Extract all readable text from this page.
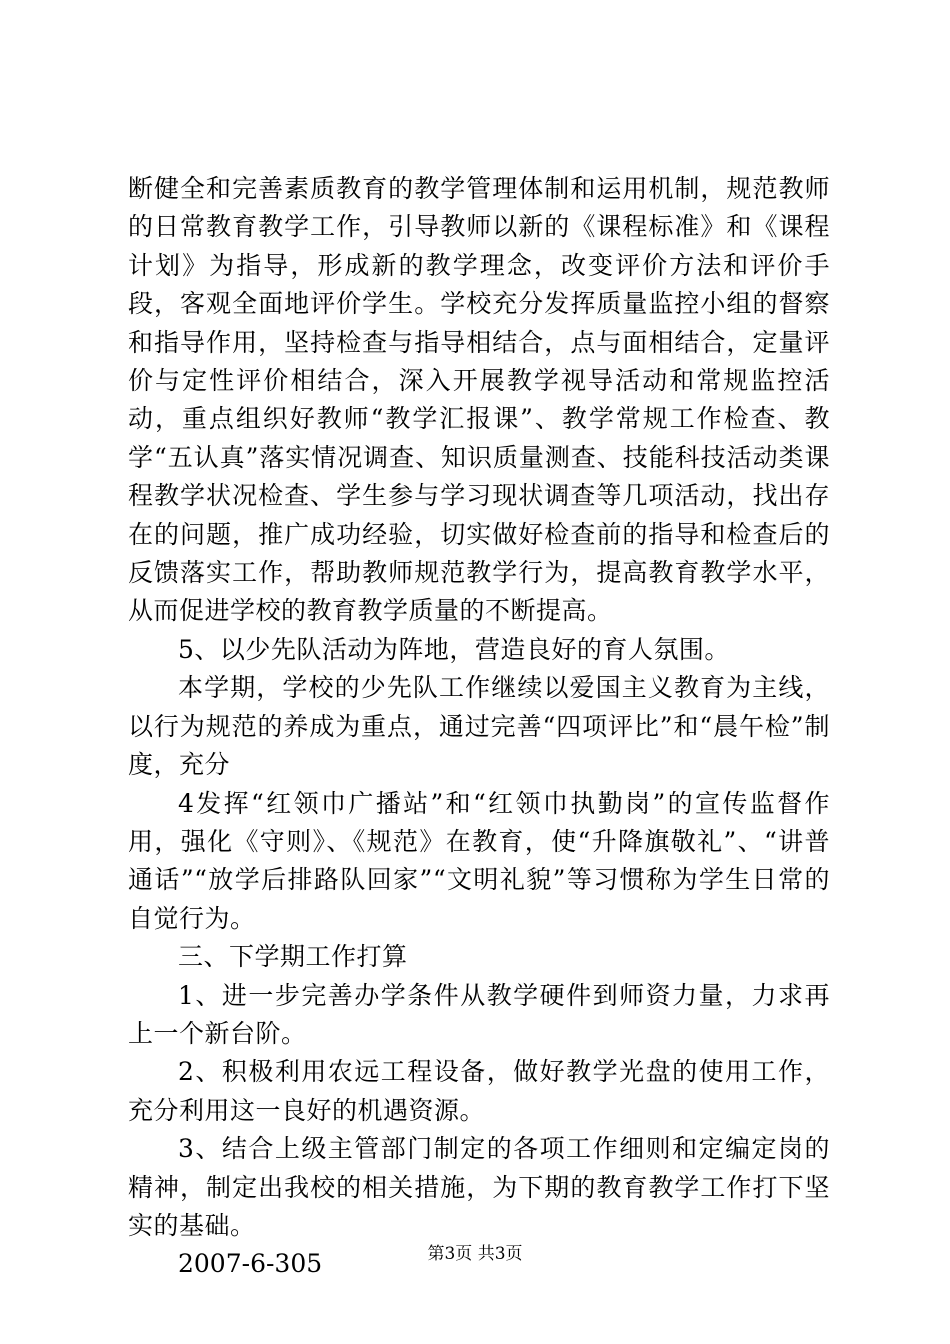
断健全和完善素质教育的教学管理体制和运用机制，规范教师的日常教育教学工作，引导教师以新的《课程标准》和《课程计划》为指导，形成新的教学理念，改变评价方法和评价手段，客观全面地评价学生。学校充分发挥质量监控小组的督察和指导作用，坚持检查与指导相结合，点与面相结合，定量评价与定性评价相结合，深入开展教学视导活动和常规监控活动，重点组织好教师“教学汇报课”、教学常规工作检查、教学“五认真”落实情况调查、知识质量测查、技能科技活动类课程教学状况检查、学生参与学习现状调查等几项活动，找出存在的问题，推广成功经验，切实做好检查前的指导和检查后的反馈落实工作，帮助教师规范教学行为，提高教育教学水平，从而促进学校的教育教学质量的不断提高。

5、以少先队活动为阵地，营造良好的育人氛围。

本学期，学校的少先队工作继续以爱国主义教育为主线，以行为规范的养成为重点，通过完善“四项评比”和“晨午检”制度，充分

4发挥“红领巾广播站”和“红领巾执勤岗”的宣传监督作用，强化《守则》、《规范》在教育，使“升降旗敬礼”、“讲普通话”“放学后排路队回家”“文明礼貌”等习惯称为学生日常的自觉行为。

三、下学期工作打算

1、进一步完善办学条件从教学硬件到师资力量，力求再上一个新台阶。

2、积极利用农远工程设备，做好教学光盘的使用工作，充分利用这一良好的机遇资源。

3、结合上级主管部门制定的各项工作细则和定编定岗的精神，制定出我校的相关措施，为下期的教育教学工作打下坚实的基础。

2007-6-305	第3页 共3页
